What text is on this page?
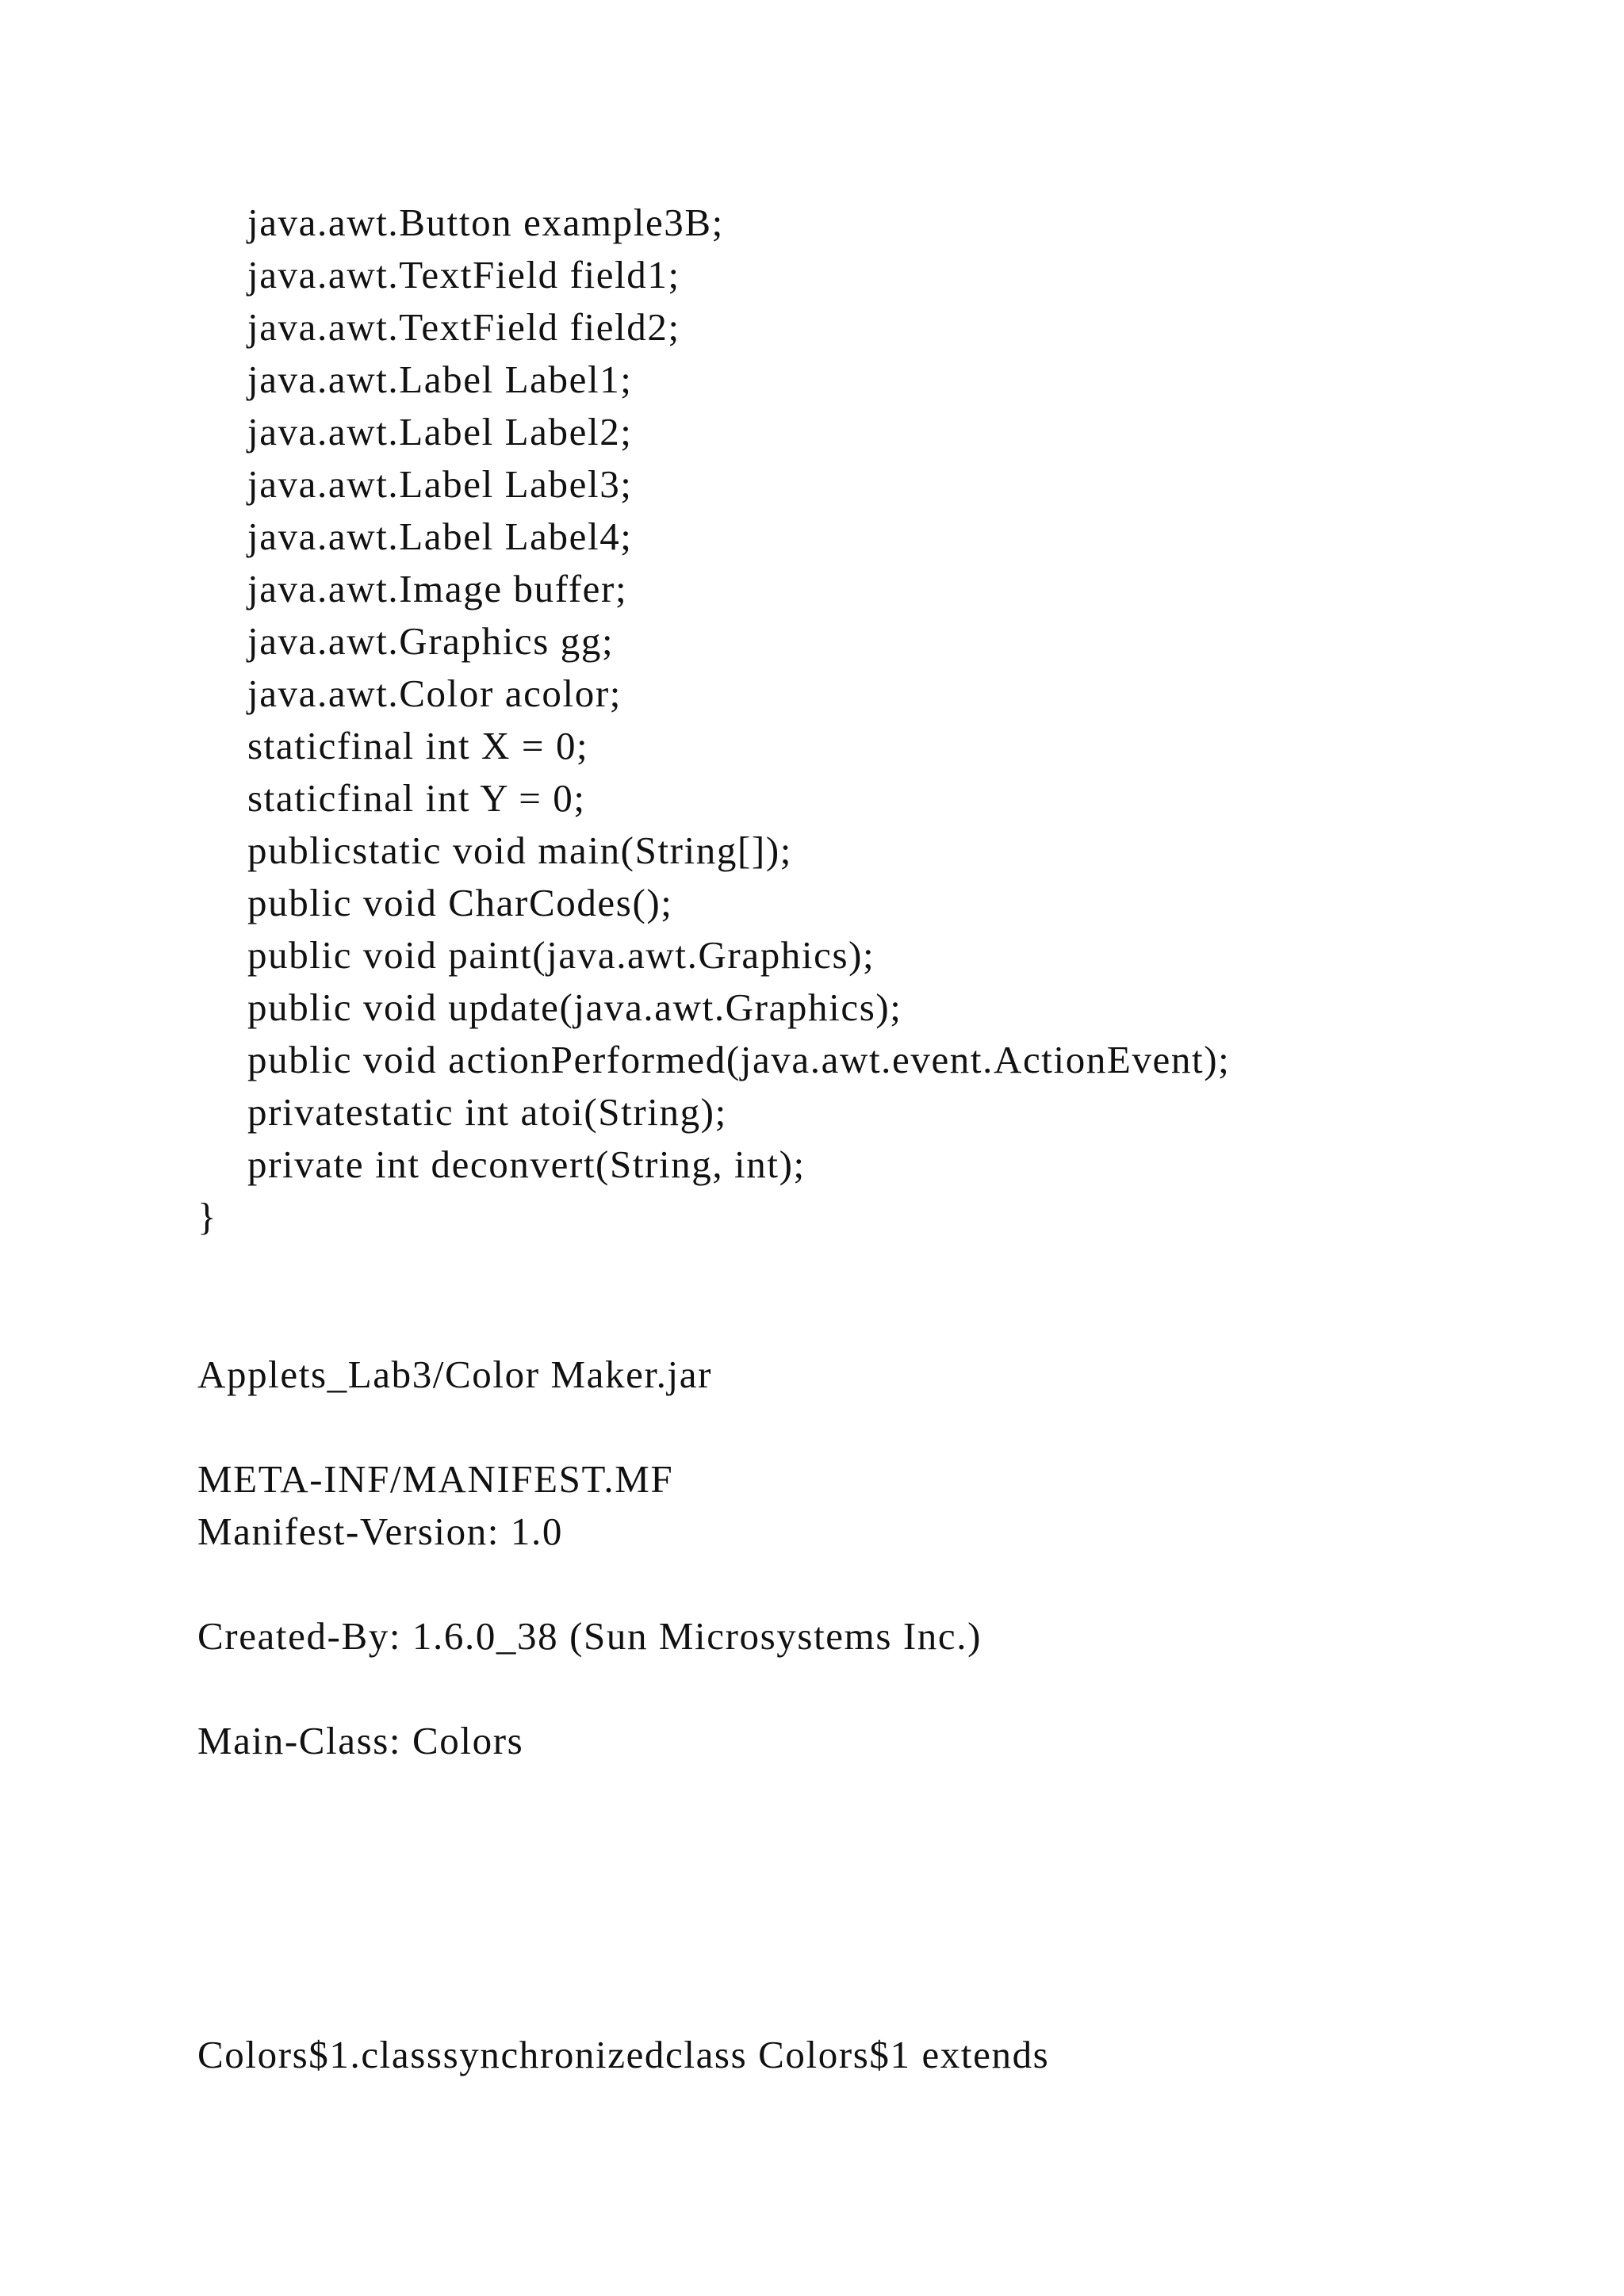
java.awt.Button example3B;
java.awt.TextField field1;
java.awt.TextField field2;
java.awt.Label Label1;
java.awt.Label Label2;
java.awt.Label Label3;
java.awt.Label Label4;
java.awt.Image buffer;
java.awt.Graphics gg;
java.awt.Color acolor;
staticfinal int X = 0;
staticfinal int Y = 0;
publicstatic void main(String[]);
public void CharCodes();
public void paint(java.awt.Graphics);
public void update(java.awt.Graphics);
public void actionPerformed(java.awt.event.ActionEvent);
privatestatic int atoi(String);
private int deconvert(String, int);
}
Applets_Lab3/Color Maker.jar
META-INF/MANIFEST.MF
Manifest-Version: 1.0
Created-By: 1.6.0_38 (Sun Microsystems Inc.)
Main-Class: Colors
Colors$1.classsynchronizedclass Colors$1 extends
